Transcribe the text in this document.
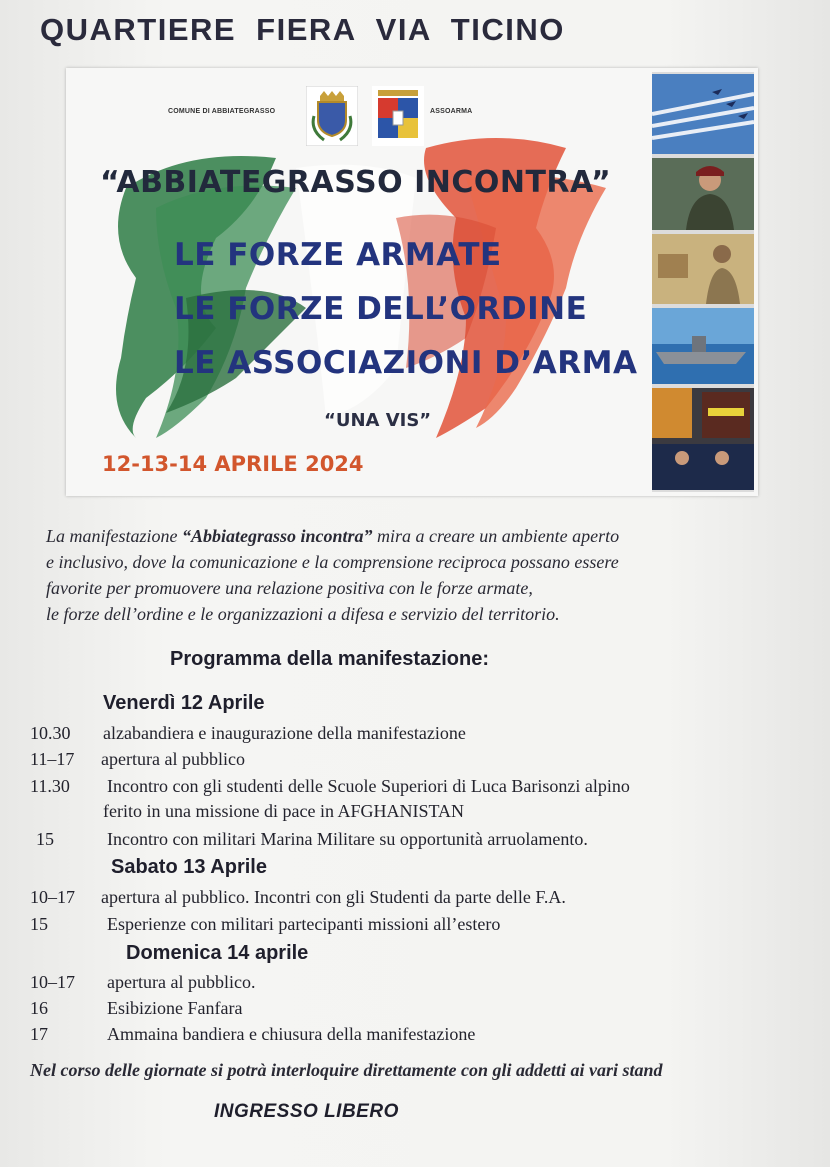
QUARTIERE FIERA VIA TICINO
COMUNE DI ABBIATEGRASSO	ASSOARMA
“ABBIATEGRASSO INCONTRA”
LE FORZE ARMATE
LE FORZE DELL’ORDINE
LE ASSOCIAZIONI D’ARMA
“UNA VIS”
12-13-14 APRILE 2024
La manifestazione “Abbiategrasso incontra” mira a creare un ambiente aperto
e inclusivo, dove la comunicazione e la comprensione reciproca possano essere
favorite per promuovere una relazione positiva con le forze armate,
le forze dell’ordine e le organizzazioni a difesa e servizio del territorio.
Programma della manifestazione:
Venerdì 12 Aprile
10.30 alzabandiera e inaugurazione della manifestazione
11–17 apertura al pubblico
11.30 Incontro con gli studenti delle Scuole Superiori di Luca Barisonzi alpino
ferito in una missione di pace in AFGHANISTAN
15	Incontro con militari Marina Militare su opportunità arruolamento.
Sabato 13 Aprile
10–17 apertura al pubblico. Incontri con gli Studenti da parte delle F.A.
15	Esperienze con militari partecipanti missioni all’estero
Domenica 14 aprile
10–17 apertura al pubblico.
16	Esibizione Fanfara
17	Ammaina bandiera e chiusura della manifestazione
Nel corso delle giornate si potrà interloquire direttamente con gli addetti ai vari stand
INGRESSO LIBERO
